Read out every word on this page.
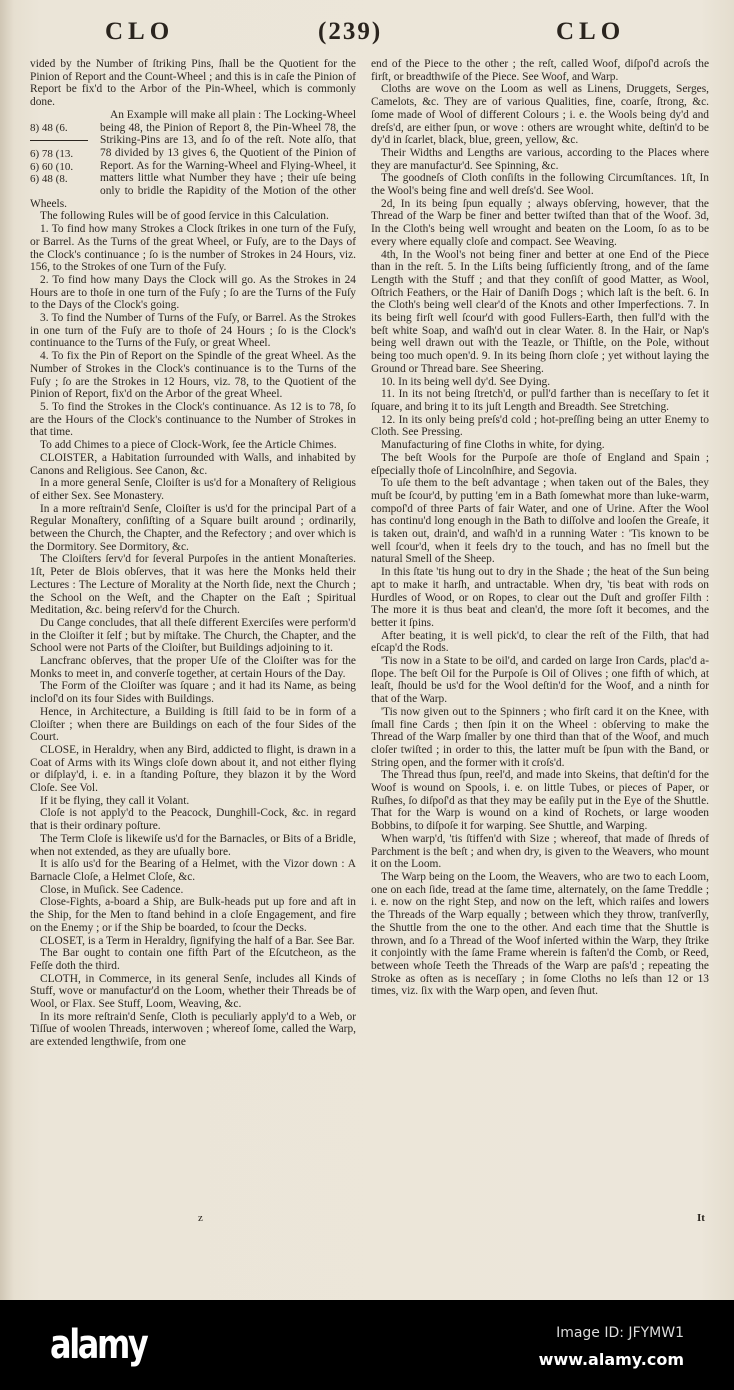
CLO	(239)	CLO

vided by the Number of ſtriking Pins, ſhall be the Quotient for the Pinion of Report and the Count-Wheel ; and this is in caſe the Pinion of Report be fix'd to the Arbor of the Pin-Wheel, which is commonly done.

8) 48 (6.
6) 78 (13.
6) 60 (10.
6) 48 (8.

An Example will make all plain : The Locking-Wheel being 48, the Pinion of Report 8, the Pin-Wheel 78, the Striking-Pins are 13, and ſo of the reſt. Note alſo, that 78 divided by 13 gives 6, the Quotient of the Pinion of Report. As for the Warning-Wheel and Flying-Wheel, it matters little what Number they have ; their uſe being only to bridle the Rapidity of the Motion of the other Wheels.

The following Rules will be of good ſervice in this Calculation.

1. To find how many Strokes a Clock ſtrikes in one turn of the Fuſy, or Barrel. As the Turns of the great Wheel, or Fuſy, are to the Days of the Clock's continuance ; ſo is the number of Strokes in 24 Hours, viz. 156, to the Strokes of one Turn of the Fuſy.

2. To find how many Days the Clock will go. As the Strokes in 24 Hours are to thoſe in one turn of the Fuſy ; ſo are the Turns of the Fuſy to the Days of the Clock's going.

3. To find the Number of Turns of the Fuſy, or Barrel. As the Strokes in one turn of the Fuſy are to thoſe of 24 Hours ; ſo is the Clock's continuance to the Turns of the Fuſy, or great Wheel.

4. To fix the Pin of Report on the Spindle of the great Wheel. As the Number of Strokes in the Clock's continuance is to the Turns of the Fuſy ; ſo are the Strokes in 12 Hours, viz. 78, to the Quotient of the Pinion of Report, fix'd on the Arbor of the great Wheel.

5. To find the Strokes in the Clock's continuance. As 12 is to 78, ſo are the Hours of the Clock's continuance to the Number of Strokes in that time.

To add Chimes to a piece of Clock-Work, ſee the Article Chimes.

CLOISTER, a Habitation ſurrounded with Walls, and inhabited by Canons and Religious. See Canon, &c.

In a more general Senſe, Cloiſter is us'd for a Monaſtery of Religious of either Sex. See Monastery.

In a more reſtrain'd Senſe, Cloiſter is us'd for the principal Part of a Regular Monaſtery, conſiſting of a Square built around ; ordinarily, between the Church, the Chapter, and the Refectory ; and over which is the Dormitory. See Dormitory, &c.

The Cloiſters ſerv'd for ſeveral Purpoſes in the antient Monaſteries. 1ſt, Peter de Blois obſerves, that it was here the Monks held their Lectures : The Lecture of Morality at the North ſide, next the Church ; the School on the Weſt, and the Chapter on the Eaſt ; Spiritual Meditation, &c. being reſerv'd for the Church.

Du Cange concludes, that all theſe different Exerciſes were perform'd in the Cloiſter it ſelf ; but by miſtake. The Church, the Chapter, and the School were not Parts of the Cloiſter, but Buildings adjoining to it.

Lancfranc obſerves, that the proper Uſe of the Cloiſter was for the Monks to meet in, and converſe together, at certain Hours of the Day.

The Form of the Cloiſter was ſquare ; and it had its Name, as being incloſ'd on its four Sides with Buildings.

Hence, in Architecture, a Building is ſtill ſaid to be in form of a Cloiſter ; when there are Buildings on each of the four Sides of the Court.

CLOSE, in Heraldry, when any Bird, addicted to flight, is drawn in a Coat of Arms with its Wings cloſe down about it, and not either flying or diſplay'd, i. e. in a ſtanding Poſture, they blazon it by the Word Cloſe. See Vol.

If it be flying, they call it Volant.

Cloſe is not apply'd to the Peacock, Dunghill-Cock, &c. in regard that is their ordinary poſture.

The Term Cloſe is likewiſe us'd for the Barnacles, or Bits of a Bridle, when not extended, as they are uſually bore.

It is alſo us'd for the Bearing of a Helmet, with the Vizor down : A Barnacle Cloſe, a Helmet Cloſe, &c.

Close, in Muſick. See Cadence.

Close-Fights, a-board a Ship, are Bulk-heads put up fore and aft in the Ship, for the Men to ſtand behind in a cloſe Engagement, and fire on the Enemy ; or if the Ship be boarded, to ſcour the Decks.

CLOSET, is a Term in Heraldry, ſignifying the half of a Bar. See Bar.

The Bar ought to contain one fifth Part of the Eſcutcheon, as the Feſſe doth the third.

CLOTH, in Commerce, in its general Senſe, includes all Kinds of Stuff, wove or manufactur'd on the Loom, whether their Threads be of Wool, or Flax. See Stuff, Loom, Weaving, &c.

In its more reſtrain'd Senſe, Cloth is peculiarly apply'd to a Web, or Tiſſue of woolen Threads, interwoven ; whereof ſome, called the Warp, are extended lengthwiſe, from one

end of the Piece to the other ; the reſt, called Woof, diſpoſ'd acroſs the firſt, or breadthwiſe of the Piece. See Woof, and Warp.

Cloths are wove on the Loom as well as Linens, Druggets, Serges, Camelots, &c. They are of various Qualities, fine, coarſe, ſtrong, &c. ſome made of Wool of different Colours ; i. e. the Wools being dy'd and dreſs'd, are either ſpun, or wove : others are wrought white, deſtin'd to be dy'd in ſcarlet, black, blue, green, yellow, &c.

Their Widths and Lengths are various, according to the Places where they are manufactur'd. See Spinning, &c.

The goodneſs of Cloth conſiſts in the following Circumſtances. 1ſt, In the Wool's being fine and well dreſs'd. See Wool.

2d, In its being ſpun equally ; always obſerving, however, that the Thread of the Warp be finer and better twiſted than that of the Woof. 3d, In the Cloth's being well wrought and beaten on the Loom, ſo as to be every where equally cloſe and compact. See Weaving.

4th, In the Wool's not being finer and better at one End of the Piece than in the reſt. 5. In the Liſts being ſufficiently ſtrong, and of the ſame Length with the Stuff ; and that they conſiſt of good Matter, as Wool, Oſtrich Feathers, or the Hair of Daniſh Dogs ; which laſt is the beſt. 6. In the Cloth's being well clear'd of the Knots and other Imperfections. 7. In its being firſt well ſcour'd with good Fullers-Earth, then full'd with the beſt white Soap, and waſh'd out in clear Water. 8. In the Hair, or Nap's being well drawn out with the Teazle, or Thiſtle, on the Pole, without being too much open'd. 9. In its being ſhorn cloſe ; yet without laying the Ground or Thread bare. See Sheering.

10. In its being well dy'd. See Dying.

11. In its not being ſtretch'd, or pull'd farther than is neceſſary to ſet it ſquare, and bring it to its juſt Length and Breadth. See Stretching.

12. In its only being preſs'd cold ; hot-preſſing being an utter Enemy to Cloth. See Pressing.

Manufacturing of fine Cloths in white, for dying.

The beſt Wools for the Purpoſe are thoſe of England and Spain ; eſpecially thoſe of Lincolnſhire, and Segovia.

To uſe them to the beſt advantage ; when taken out of the Bales, they muſt be ſcour'd, by putting 'em in a Bath ſomewhat more than luke-warm, compoſ'd of three Parts of fair Water, and one of Urine. After the Wool has continu'd long enough in the Bath to diſſolve and looſen the Greaſe, it is taken out, drain'd, and waſh'd in a running Water : 'Tis known to be well ſcour'd, when it feels dry to the touch, and has no ſmell but the natural Smell of the Sheep.

In this ſtate 'tis hung out to dry in the Shade ; the heat of the Sun being apt to make it harſh, and untractable. When dry, 'tis beat with rods on Hurdles of Wood, or on Ropes, to clear out the Duſt and groſſer Filth : The more it is thus beat and clean'd, the more ſoft it becomes, and the better it ſpins.

After beating, it is well pick'd, to clear the reſt of the Filth, that had eſcap'd the Rods.

'Tis now in a State to be oil'd, and carded on large Iron Cards, plac'd a-ſlope. The beſt Oil for the Purpoſe is Oil of Olives ; one fifth of which, at leaſt, ſhould be us'd for the Wool deſtin'd for the Woof, and a ninth for that of the Warp.

'Tis now given out to the Spinners ; who firſt card it on the Knee, with ſmall fine Cards ; then ſpin it on the Wheel : obſerving to make the Thread of the Warp ſmaller by one third than that of the Woof, and much cloſer twiſted ; in order to this, the latter muſt be ſpun with the Band, or String open, and the former with it croſs'd.

The Thread thus ſpun, reel'd, and made into Skeins, that deſtin'd for the Woof is wound on Spools, i. e. on little Tubes, or pieces of Paper, or Ruſhes, ſo diſpoſ'd as that they may be eaſily put in the Eye of the Shuttle. That for the Warp is wound on a kind of Rochets, or large wooden Bobbins, to diſpoſe it for warping. See Shuttle, and Warping.

When warp'd, 'tis ſtiffen'd with Size ; whereof, that made of ſhreds of Parchment is the beſt ; and when dry, is given to the Weavers, who mount it on the Loom.

The Warp being on the Loom, the Weavers, who are two to each Loom, one on each ſide, tread at the ſame time, alternately, on the ſame Treddle ; i. e. now on the right Step, and now on the left, which raiſes and lowers the Threads of the Warp equally ; between which they throw, tranſverſly, the Shuttle from the one to the other. And each time that the Shuttle is thrown, and ſo a Thread of the Woof inſerted within the Warp, they ſtrike it conjointly with the ſame Frame wherein is faſten'd the Comb, or Reed, between whoſe Teeth the Threads of the Warp are paſs'd ; repeating the Stroke as often as is neceſſary ; in ſome Cloths no leſs than 12 or 13 times, viz. ſix with the Warp open, and ſeven ſhut.

z	It
alamy	Image ID: JFYMW1
www.alamy.com
